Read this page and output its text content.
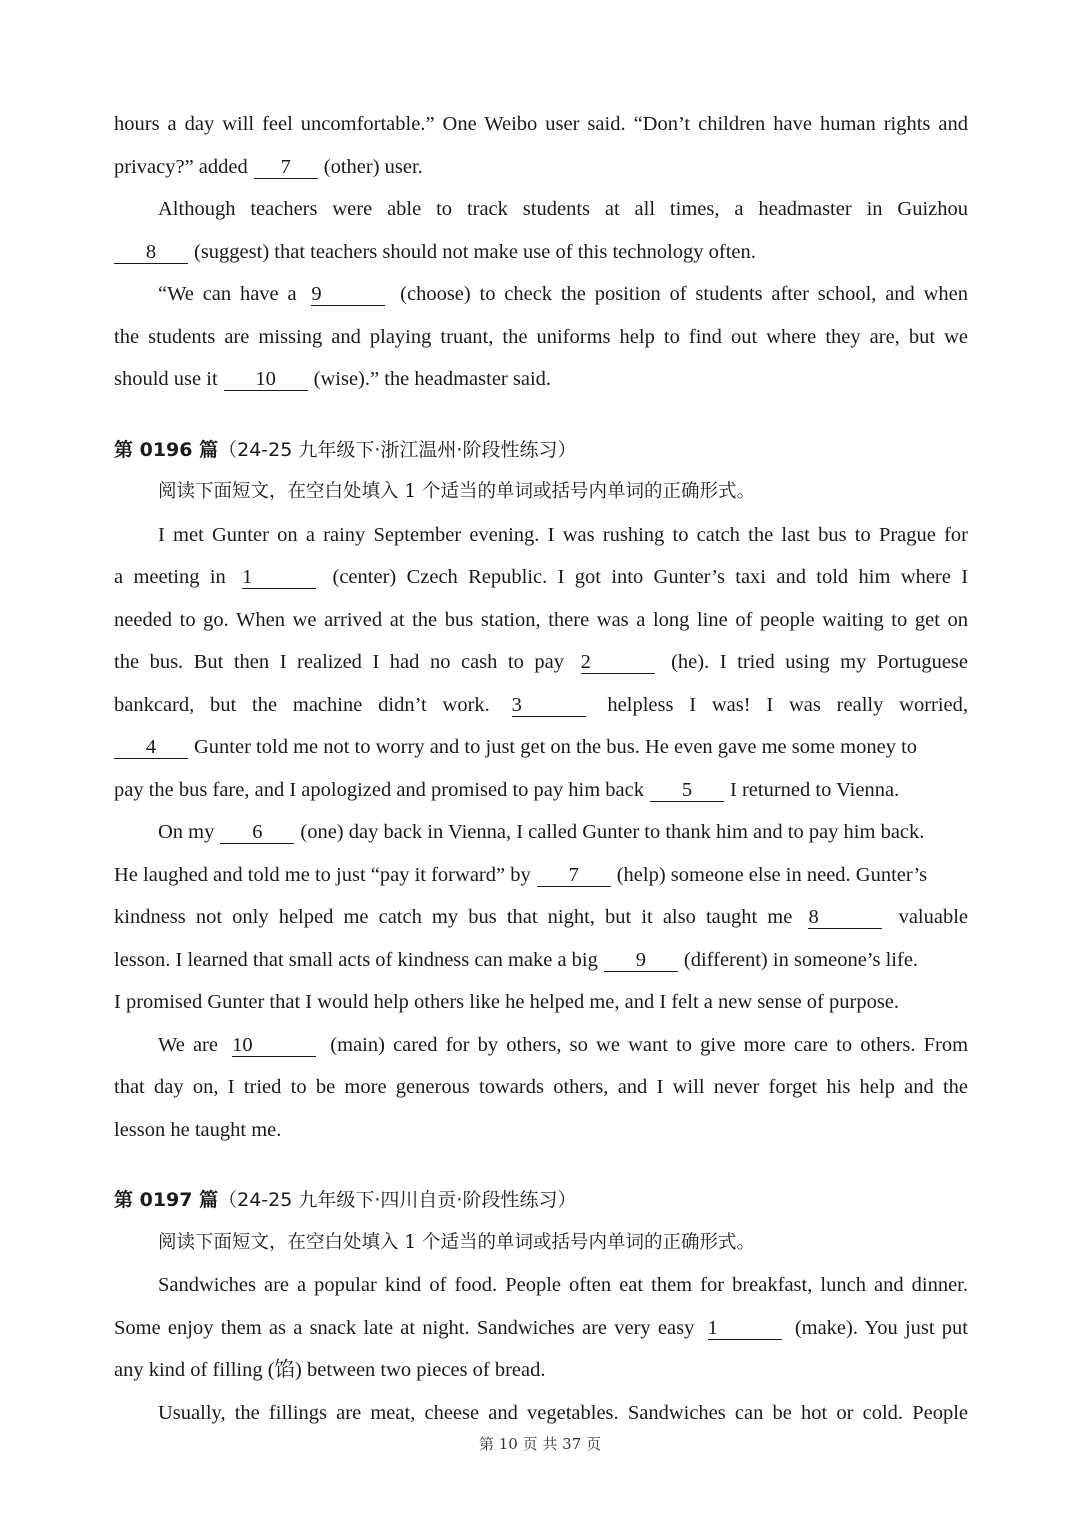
hours a day will feel uncomfortable.” One Weibo user said. “Don’t children have human rights and
privacy?” added 7 (other) user.
Although teachers were able to track students at all times, a headmaster in Guizhou
8 (suggest) that teachers should not make use of this technology often.
“We can have a 9	(choose) to check the position of students after school, and when
the students are missing and playing truant, the uniforms help to find out where they are, but we
should use it 10 (wise).” the headmaster said.
第 0196 篇（24-25 九年级下·浙江温州·阶段性练习）
阅读下面短文，在空白处填入 1 个适当的单词或括号内单词的正确形式。
I met Gunter on a rainy September evening. I was rushing to catch the last bus to Prague for
a meeting in 1	(center) Czech Republic. I got into Gunter’s taxi and told him where I
needed to go. When we arrived at the bus station, there was a long line of people waiting to get on
the bus. But then I realized I had no cash to pay 2	(he). I tried using my Portuguese
bankcard, but the machine didn’t work. 3	helpless I was! I was really worried,
4 Gunter told me not to worry and to just get on the bus. He even gave me some money to
pay the bus fare, and I apologized and promised to pay him back 5 I returned to Vienna.
On my 6 (one) day back in Vienna, I called Gunter to thank him and to pay him back.
He laughed and told me to just “pay it forward” by 7 (help) someone else in need. Gunter’s
kindness not only helped me catch my bus that night, but it also taught me 8	valuable
lesson. I learned that small acts of kindness can make a big 9 (different) in someone’s life.
I promised Gunter that I would help others like he helped me, and I felt a new sense of purpose.
We are 10	(main) cared for by others, so we want to give more care to others. From
that day on, I tried to be more generous towards others, and I will never forget his help and the
lesson he taught me.
第 0197 篇（24-25 九年级下·四川自贡·阶段性练习）
阅读下面短文，在空白处填入 1 个适当的单词或括号内单词的正确形式。
Sandwiches are a popular kind of food. People often eat them for breakfast, lunch and dinner.
Some enjoy them as a snack late at night. Sandwiches are very easy 1	(make). You just put
any kind of filling (馅) between two pieces of bread.
Usually, the fillings are meat, cheese and vegetables. Sandwiches can be hot or cold. People
第 10 页 共 37 页
